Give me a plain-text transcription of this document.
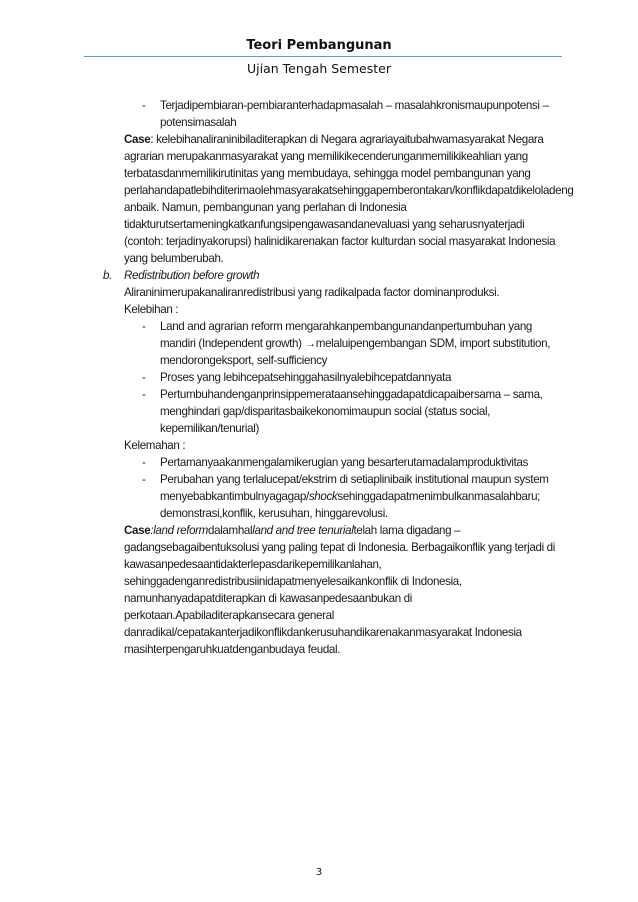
Teori Pembangunan
Ujian Tengah Semester

- Terjadipembiaran-pembiaranterhadapmasalah – masalahkronismaupunpotensi – potensimasalah

Case: kelebihanaliraninibiladiterapkan di Negara agrariayaitubahwamasyarakat Negara agrarian merupakanmasyarakat yang memilikikecenderunganmemilikikeahlian yang terbatasdanmemilikirutinitas yang membudaya, sehingga model pembangunan yang perlahandapatlebihditerimaolehmasyarakatsehinggapemberontakan/konflikdapatdikeloladeng anbaik. Namun, pembangunan yang perlahan di Indonesia tidakturutsertameningkatkanfungsipengawasandanevaluasi yang seharusnyaterjadi (contoh: terjadinyakorupsi) halinidikarenakan factor kulturdan social masyarakat Indonesia yang belumberubah.

b. Redistribution before growth

Aliraninimerupakanaliranredistribusi yang radikalpada factor dominanproduksi.

Kelebihan :

- Land and agrarian reform mengarahkanpembangunandanpertumbuhan yang mandiri (Independent growth) →melaluipengembangan SDM, import substitution, mendorongeksport, self-sufficiency

- Proses yang lebihcepatsehinggahasilnyalebihcepatdannyata

- Pertumbuhandenganprinsippemerataansehinggadapatdicapaibersama – sama, menghindari gap/disparitasbaikekonomimaupun social (status social, kepemilikan/tenurial)

Kelemahan :

- Pertamanyaakanmengalamikerugian yang besarterutamadalamproduktivitas

- Perubahan yang terlalucepat/ekstrim di setiaplinibaik institutional maupun system menyebabkantimbulnyagagap/shocksehinggadapatmenimbulkanmasalahbaru; demonstrasi,konflik, kerusuhan, hinggarevolusi.

Case:land reformdalamhalland and tree tenurialtelah lama digadang – gadangsebagaibentuksolusi yang paling tepat di Indonesia. Berbagaikonflik yang terjadi di kawasanpedesaantidakterlepasdarikepemilikanlahan, sehinggadenganredistribusiinidapatmenyelesaikankonflik di Indonesia, namunhanyadapatditerapkan di kawasanpedesaanbukan di perkotaan.Apabiladiterapkansecara general danradikal/cepatakanterjadikonflikdankerusuhandikarenakanmasyarakat Indonesia masihterpengaruhkuatdenganbudaya feudal.

3
